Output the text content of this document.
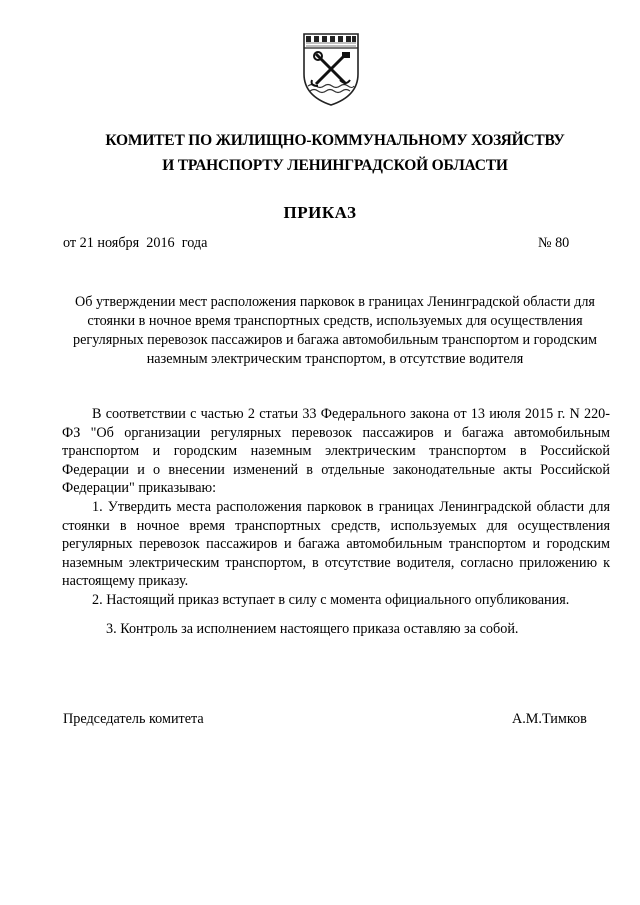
КОМИТЕТ ПО ЖИЛИЩНО-КОММУНАЛЬНОМУ ХОЗЯЙСТВУ
И ТРАНСПОРТУ ЛЕНИНГРАДСКОЙ ОБЛАСТИ
ПРИКАЗ
от 21 ноября  2016  года	№ 80
Об утверждении мест расположения парковок в границах Ленинградской области для стоянки в ночное время транспортных средств, используемых для осуществления регулярных перевозок пассажиров и багажа автомобильным транспортом и городским наземным электрическим транспортом, в отсутствие водителя

В соответствии с частью 2 статьи 33 Федерального закона от 13 июля 2015 г. N 220-ФЗ "Об организации регулярных перевозок пассажиров и багажа автомобильным транспортом и городским наземным электрическим транспортом в Российской Федерации и о внесении изменений в отдельные законодательные акты Российской Федерации" приказываю:

1. Утвердить места расположения парковок в границах Ленинградской области для стоянки в ночное время транспортных средств, используемых для осуществления регулярных перевозок пассажиров и багажа автомобильным транспортом и городским наземным электрическим транспортом, в отсутствие водителя, согласно приложению к настоящему приказу.

2. Настоящий приказ вступает в силу с момента официального опубликования.

3. Контроль за исполнением настоящего приказа оставляю за собой.

Председатель комитета	А.М.Тимков
